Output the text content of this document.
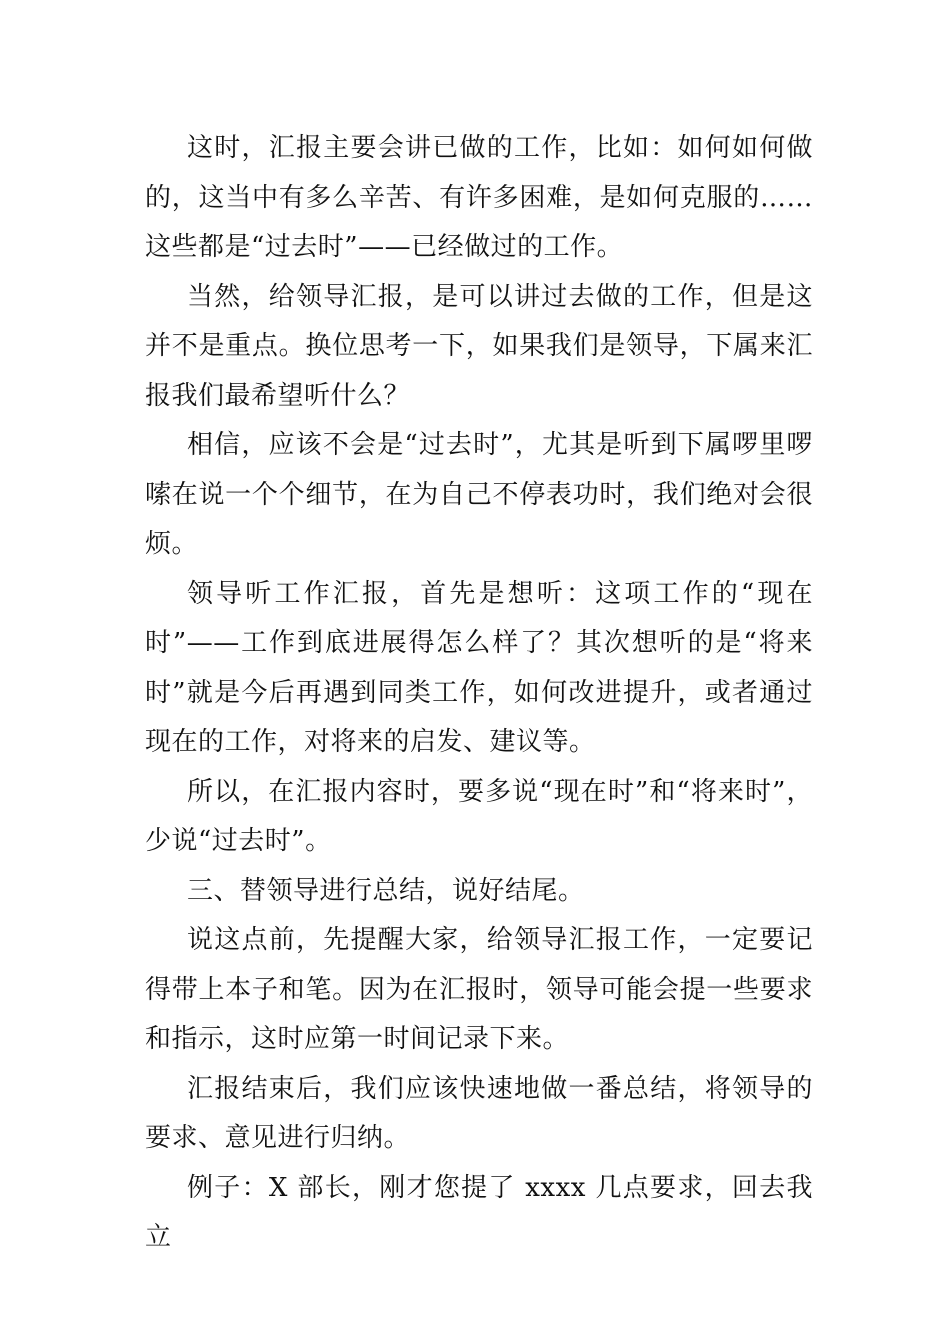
这时，汇报主要会讲已做的工作，比如：如何如何做的，这当中有多么辛苦、有许多困难，是如何克服的……这些都是“过去时”——已经做过的工作。

当然，给领导汇报，是可以讲过去做的工作，但是这并不是重点。换位思考一下，如果我们是领导，下属来汇报我们最希望听什么？

相信，应该不会是“过去时”，尤其是听到下属啰里啰嗦在说一个个细节，在为自己不停表功时，我们绝对会很烦。

领导听工作汇报，首先是想听：这项工作的“现在时”——工作到底进展得怎么样了？其次想听的是“将来时”就是今后再遇到同类工作，如何改进提升，或者通过现在的工作，对将来的启发、建议等。

所以，在汇报内容时，要多说“现在时”和“将来时”，少说“过去时”。

三、替领导进行总结，说好结尾。

说这点前，先提醒大家，给领导汇报工作，一定要记得带上本子和笔。因为在汇报时，领导可能会提一些要求和指示，这时应第一时间记录下来。

汇报结束后，我们应该快速地做一番总结，将领导的要求、意见进行归纳。

例子：X 部长，刚才您提了 xxxx 几点要求，回去我立
